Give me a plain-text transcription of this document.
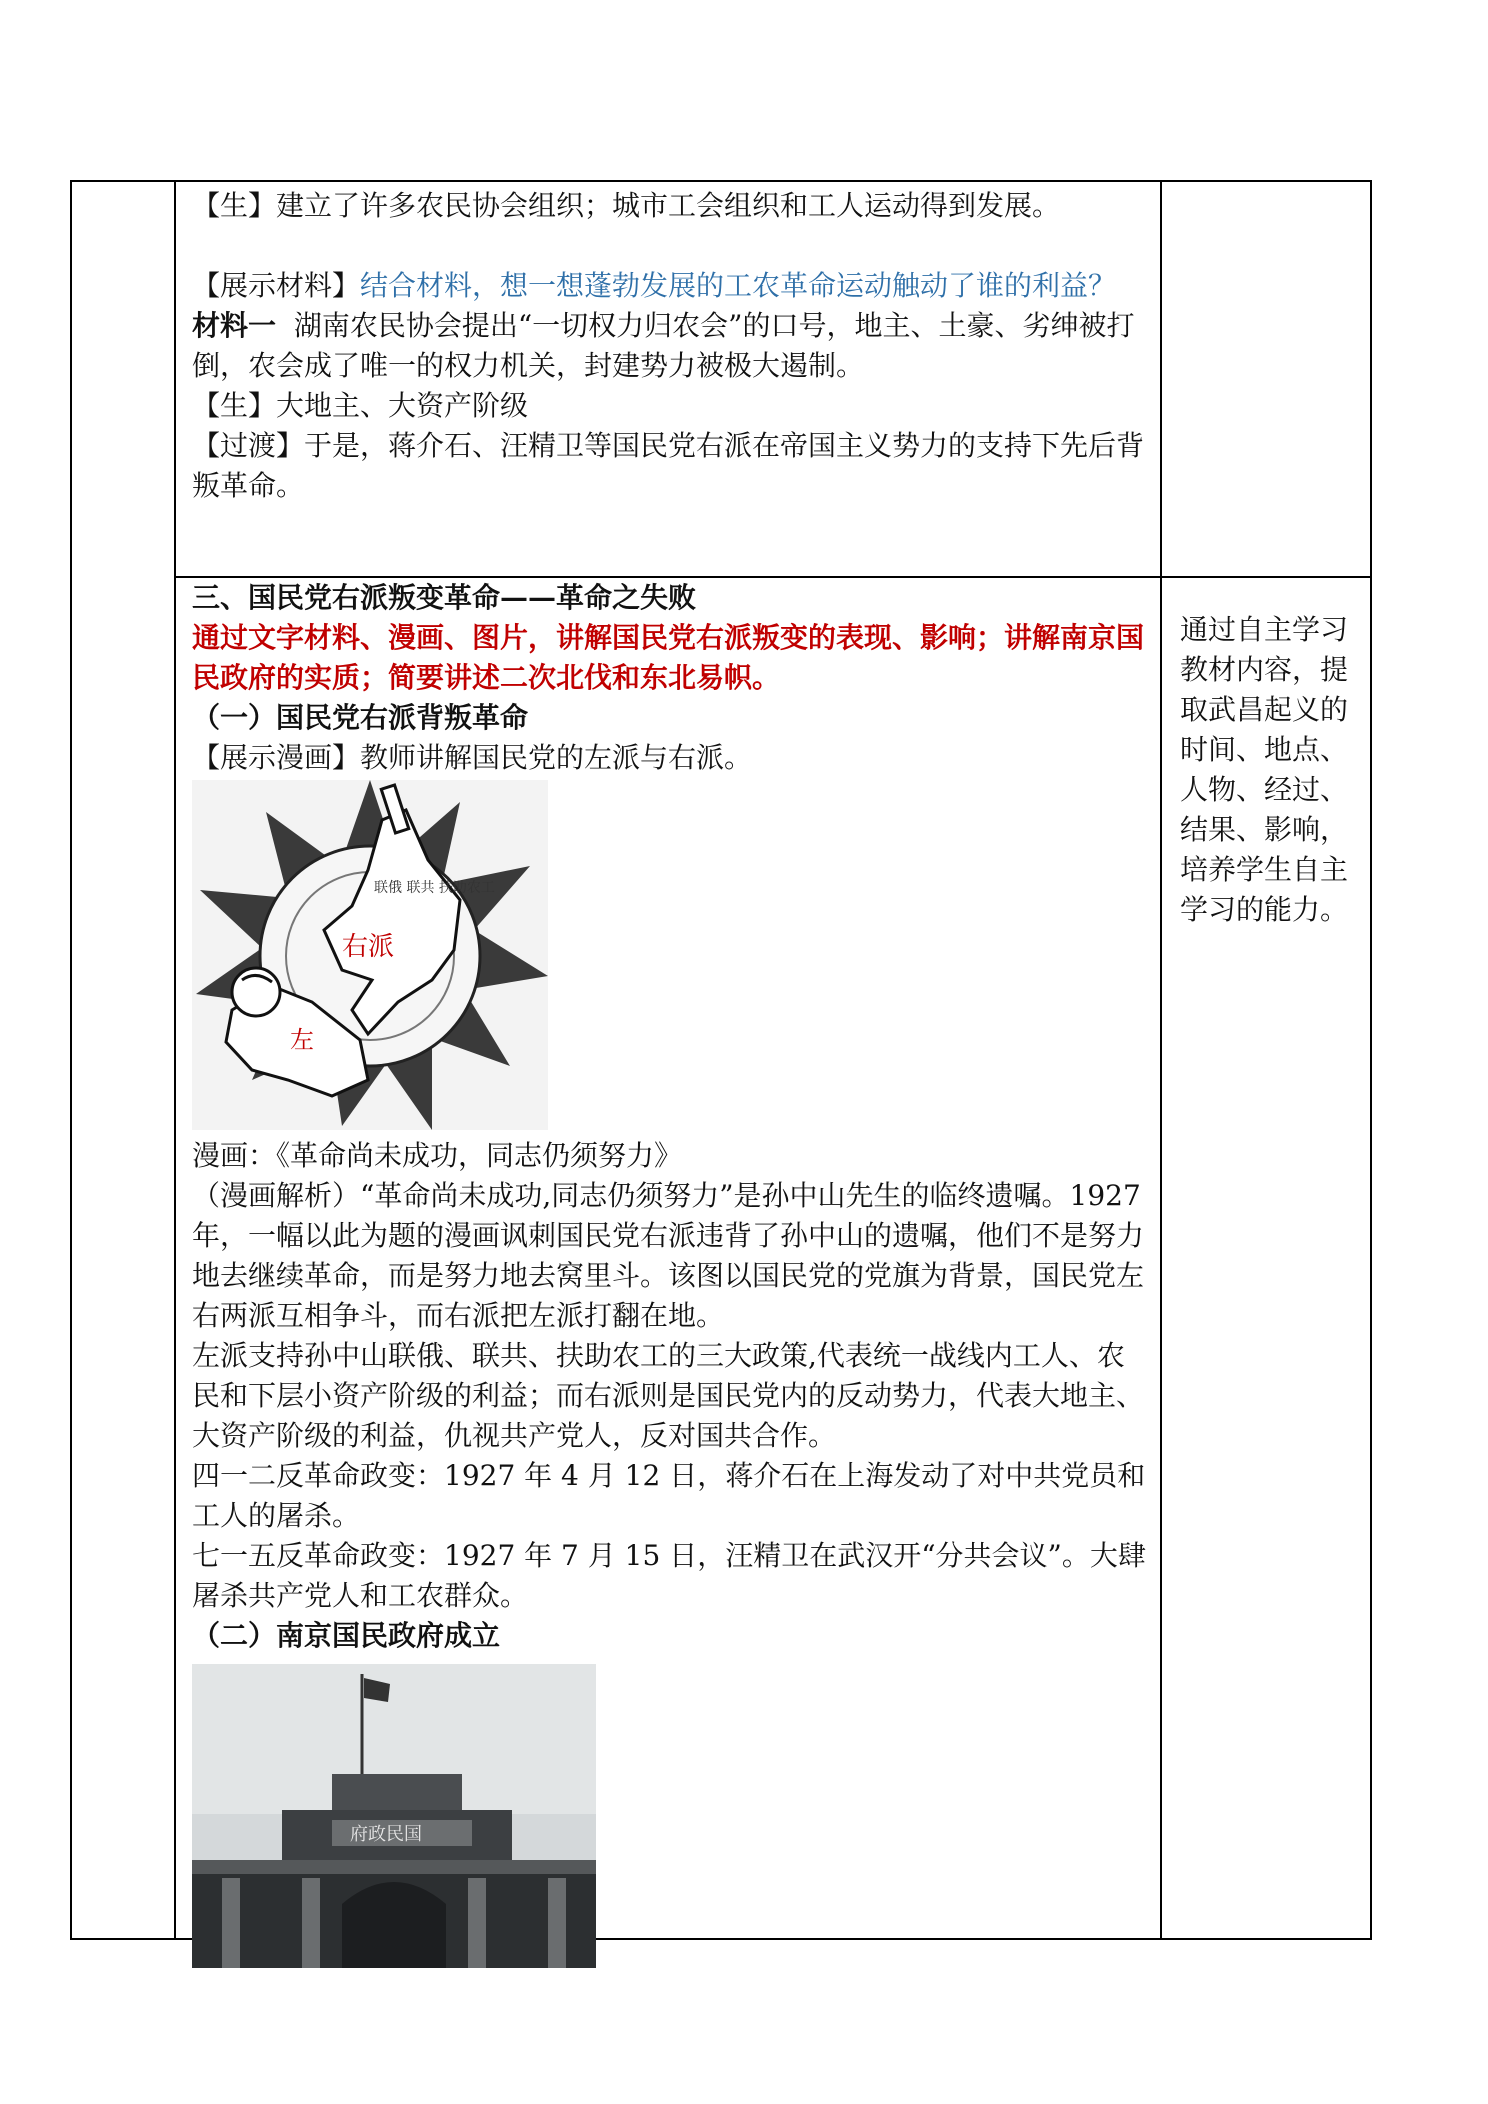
【生】建立了许多农民协会组织；城市工会组织和工人运动得到发展。

【展示材料】结合材料，想一想蓬勃发展的工农革命运动触动了谁的利益？

材料一 湖南农民协会提出“一切权力归农会”的口号，地主、土豪、劣绅被打倒，农会成了唯一的权力机关，封建势力被极大遏制。

【生】大地主、大资产阶级

【过渡】于是，蒋介石、汪精卫等国民党右派在帝国主义势力的支持下先后背叛革命。

三、国民党右派叛变革命——革命之失败

通过文字材料、漫画、图片，讲解国民党右派叛变的表现、影响；讲解南京国民政府的实质；简要讲述二次北伐和东北易帜。

（一）国民党右派背叛革命

【展示漫画】教师讲解国民党的左派与右派。

右派
左
联俄 联共 扶助农工

漫画：《革命尚未成功，同志仍须努力》

（漫画解析）“革命尚未成功,同志仍须努力”是孙中山先生的临终遗嘱。1927 年，一幅以此为题的漫画讽刺国民党右派违背了孙中山的遗嘱，他们不是努力地去继续革命，而是努力地去窝里斗。该图以国民党的党旗为背景，国民党左右两派互相争斗，而右派把左派打翻在地。

左派支持孙中山联俄、联共、扶助农工的三大政策,代表统一战线内工人、农民和下层小资产阶级的利益；而右派则是国民党内的反动势力，代表大地主、大资产阶级的利益，仇视共产党人，反对国共合作。

四一二反革命政变：1927 年 4 月 12 日，蒋介石在上海发动了对中共党员和工人的屠杀。

七一五反革命政变：1927 年 7 月 15 日，汪精卫在武汉开“分共会议”。大肆屠杀共产党人和工农群众。

（二）南京国民政府成立

府政民国

通过自主学习教材内容，提取武昌起义的时间、地点、人物、经过、结果、影响，培养学生自主学习的能力。
